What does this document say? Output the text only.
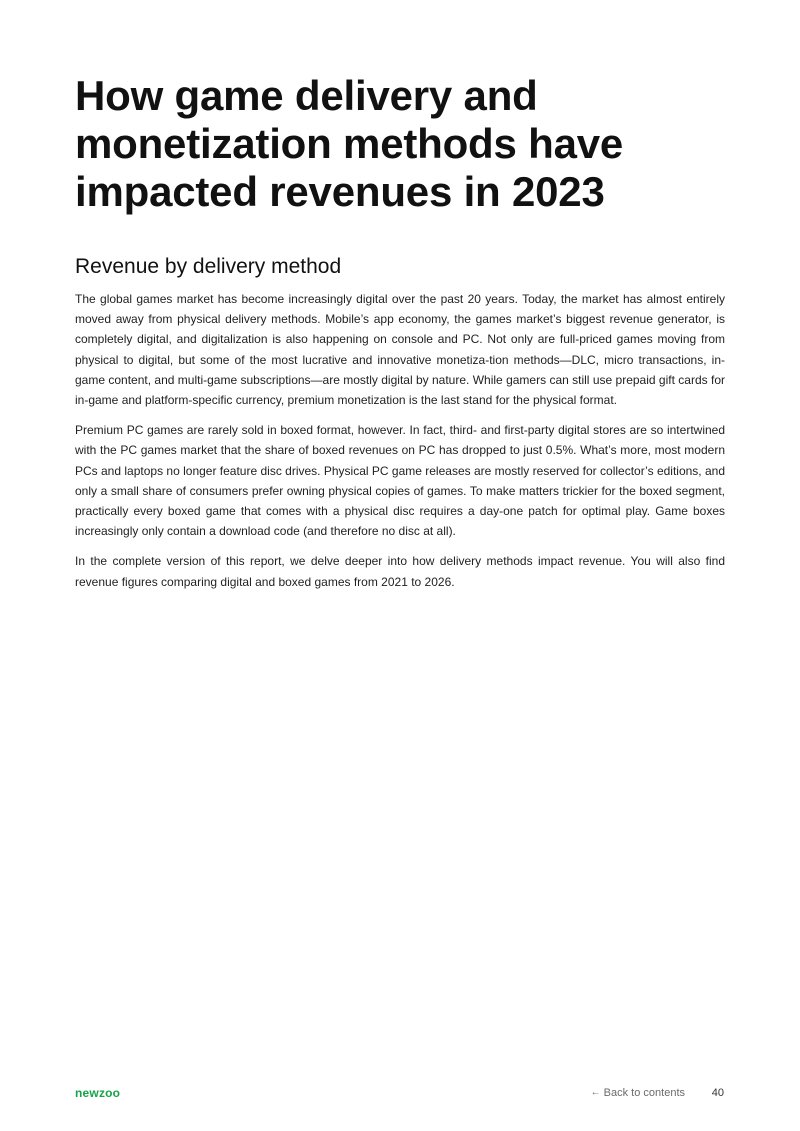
How game delivery and monetization methods have impacted revenues in 2023
Revenue by delivery method

The global games market has become increasingly digital over the past 20 years. Today, the market has almost entirely moved away from physical delivery methods. Mobile’s app economy, the games market’s biggest revenue generator, is completely digital, and digitalization is also happening on console and PC. Not only are full-priced games moving from physical to digital, but some of the most lucrative and innovative monetiza-tion methods—DLC, micro transactions, in-game content, and multi-game subscriptions—are mostly digital by nature. While gamers can still use prepaid gift cards for in-game and platform-specific currency, premium monetization is the last stand for the physical format.

Premium PC games are rarely sold in boxed format, however. In fact, third- and first-party digital stores are so intertwined with the PC games market that the share of boxed revenues on PC has dropped to just 0.5%. What’s more, most modern PCs and laptops no longer feature disc drives. Physical PC game releases are mostly reserved for collector’s editions, and only a small share of consumers prefer owning physical copies of games. To make matters trickier for the boxed segment, practically every boxed game that comes with a physical disc requires a day-one patch for optimal play. Game boxes increasingly only contain a download code (and therefore no disc at all).

In the complete version of this report, we delve deeper into how delivery methods impact revenue. You will also find revenue figures comparing digital and boxed games from 2021 to 2026.

newzoo	← Back to contents 40
